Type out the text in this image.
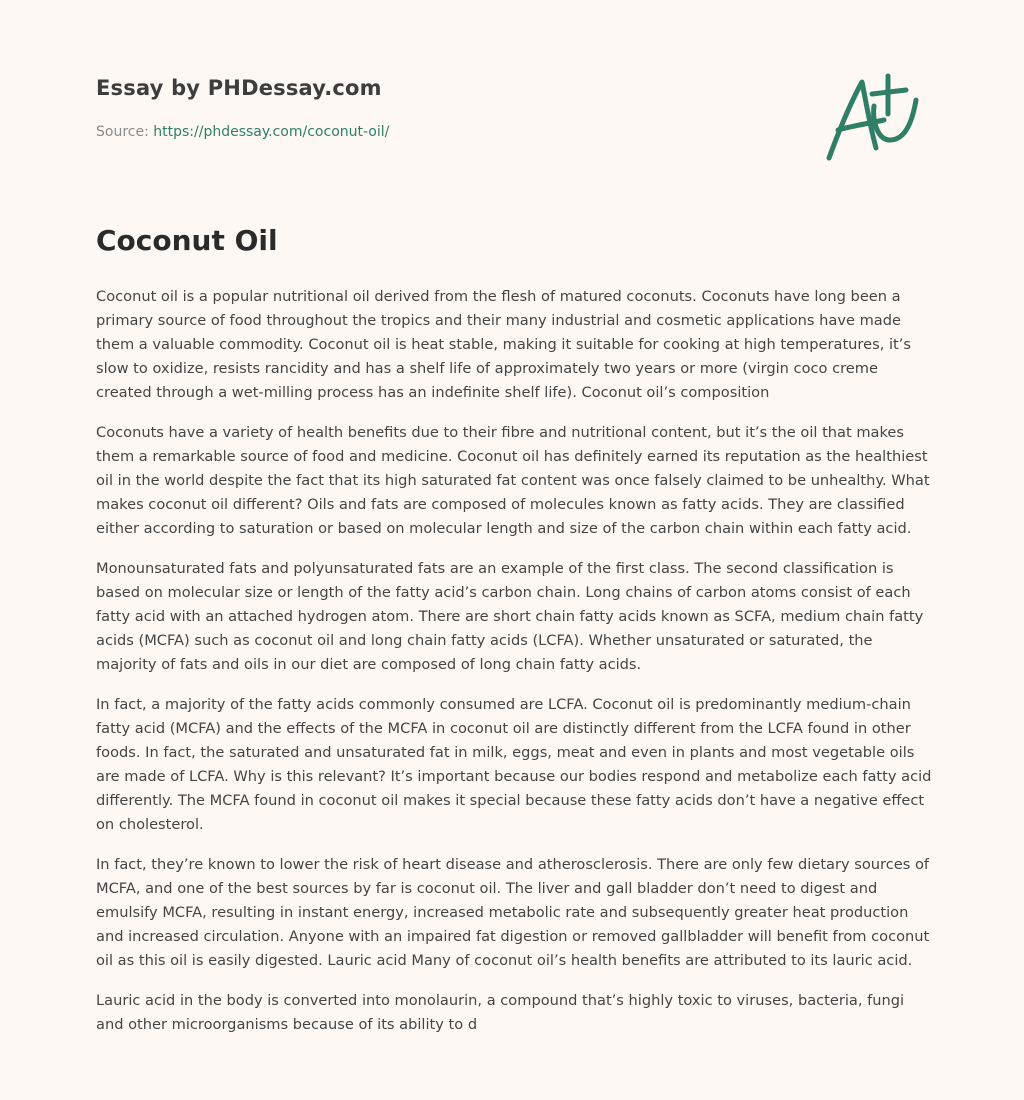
Essay by PHDessay.com
Source: https://phdessay.com/coconut-oil/
Coconut Oil

Coconut oil is a popular nutritional oil derived from the flesh of matured coconuts. Coconuts have long been a primary source of food throughout the tropics and their many industrial and cosmetic applications have made them a valuable commodity. Coconut oil is heat stable, making it suitable for cooking at high temperatures, it’s slow to oxidize, resists rancidity and has a shelf life of approximately two years or more (virgin coco creme created through a wet-milling process has an indefinite shelf life). Coconut oil’s composition

Coconuts have a variety of health benefits due to their fibre and nutritional content, but it’s the oil that makes them a remarkable source of food and medicine. Coconut oil has definitely earned its reputation as the healthiest oil in the world despite the fact that its high saturated fat content was once falsely claimed to be unhealthy. What makes coconut oil different? Oils and fats are composed of molecules known as fatty acids. They are classified either according to saturation or based on molecular length and size of the carbon chain within each fatty acid.

Monounsaturated fats and polyunsaturated fats are an example of the first class. The second classification is based on molecular size or length of the fatty acid’s carbon chain. Long chains of carbon atoms consist of each fatty acid with an attached hydrogen atom. There are short chain fatty acids known as SCFA, medium chain fatty acids (MCFA) such as coconut oil and long chain fatty acids (LCFA). Whether unsaturated or saturated, the majority of fats and oils in our diet are composed of long chain fatty acids.

In fact, a majority of the fatty acids commonly consumed are LCFA. Coconut oil is predominantly medium-chain fatty acid (MCFA) and the effects of the MCFA in coconut oil are distinctly different from the LCFA found in other foods. In fact, the saturated and unsaturated fat in milk, eggs, meat and even in plants and most vegetable oils are made of LCFA. Why is this relevant? It’s important because our bodies respond and metabolize each fatty acid differently. The MCFA found in coconut oil makes it special because these fatty acids don’t have a negative effect on cholesterol.

In fact, they’re known to lower the risk of heart disease and atherosclerosis. There are only few dietary sources of MCFA, and one of the best sources by far is coconut oil. The liver and gall bladder don’t need to digest and emulsify MCFA, resulting in instant energy, increased metabolic rate and subsequently greater heat production and increased circulation. Anyone with an impaired fat digestion or removed gallbladder will benefit from coconut oil as this oil is easily digested. Lauric acid Many of coconut oil’s health benefits are attributed to its lauric acid.

Lauric acid in the body is converted into monolaurin, a compound that’s highly toxic to viruses, bacteria, fungi and other microorganisms because of its ability to d
